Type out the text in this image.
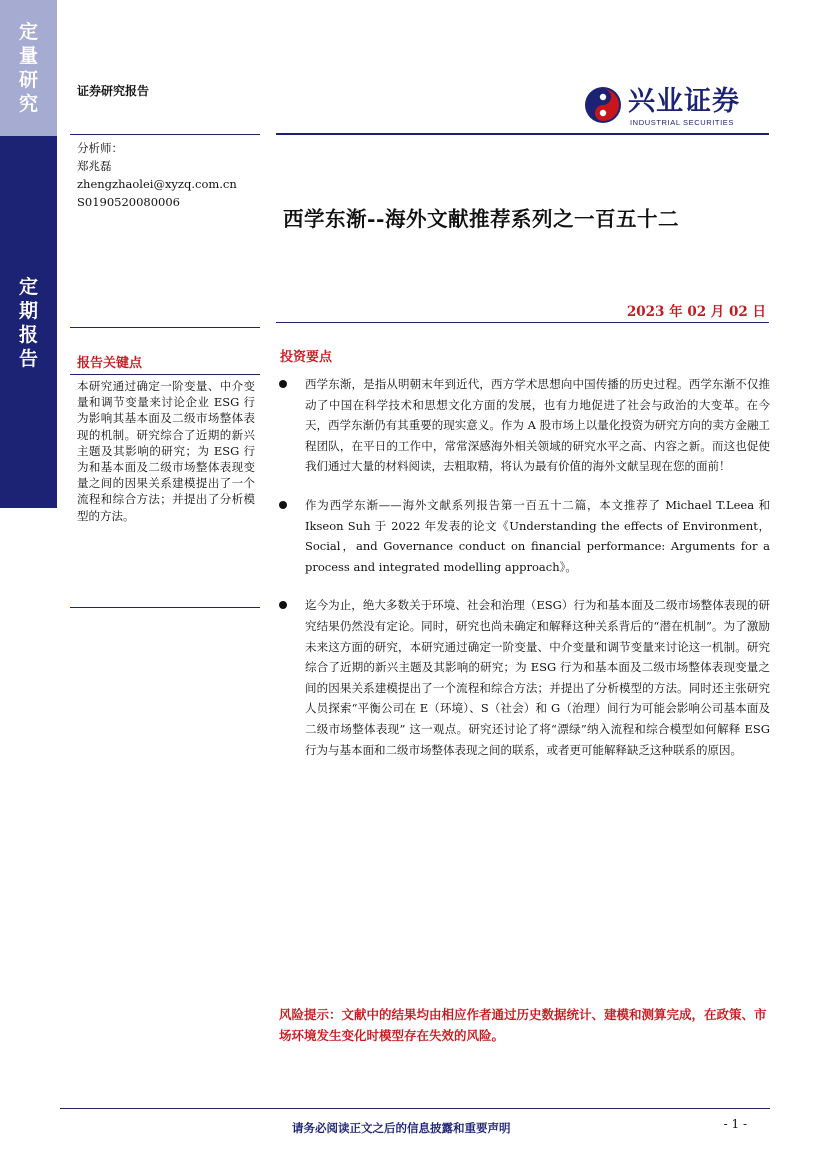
定
量
研
究
定
期
报
告
证券研究报告	兴业证券
INDUSTRIAL SECURITIES
分析师：
郑兆磊
zhengzhaolei@xyzq.com.cn
S0190520080006
西学东渐--海外文献推荐系列之一百五十二
2023 年 02 月 02 日
报告关键点
本研究通过确定一阶变量、中介变量和调节变量来讨论企业 ESG 行为影响其基本面及二级市场整体表现的机制。研究综合了近期的新兴主题及其影响的研究；为 ESG 行为和基本面及二级市场整体表现变量之间的因果关系建模提出了一个流程和综合方法；并提出了分析模型的方法。
投资要点
西学东渐，是指从明朝末年到近代，西方学术思想向中国传播的历史过程。西学东渐不仅推动了中国在科学技术和思想文化方面的发展，也有力地促进了社会与政治的大变革。在今天，西学东渐仍有其重要的现实意义。作为 A 股市场上以量化投资为研究方向的卖方金融工程团队，在平日的工作中，常常深感海外相关领域的研究水平之高、内容之新。而这也促使我们通过大量的材料阅读，去粗取精，将认为最有价值的海外文献呈现在您的面前！
作为西学东渐——海外文献系列报告第一百五十二篇，本文推荐了 Michael T.Leea 和 Ikseon Suh 于 2022 年发表的论文《Understanding the effects of Environment，Social，and Governance conduct on financial performance: Arguments for a process and integrated modelling approach》。
迄今为止，绝大多数关于环境、社会和治理（ESG）行为和基本面及二级市场整体表现的研究结果仍然没有定论。同时，研究也尚未确定和解释这种关系背后的“潜在机制”。为了激励未来这方面的研究，本研究通过确定一阶变量、中介变量和调节变量来讨论这一机制。研究综合了近期的新兴主题及其影响的研究；为 ESG 行为和基本面及二级市场整体表现变量之间的因果关系建模提出了一个流程和综合方法；并提出了分析模型的方法。同时还主张研究人员探索“平衡公司在 E（环境）、S（社会）和 G（治理）间行为可能会影响公司基本面及二级市场整体表现” 这一观点。研究还讨论了将“漂绿”纳入流程和综合模型如何解释 ESG 行为与基本面和二级市场整体表现之间的联系，或者更可能解释缺乏这种联系的原因。
风险提示：文献中的结果均由相应作者通过历史数据统计、建模和测算完成，在政策、市场环境发生变化时模型存在失效的风险。
请务必阅读正文之后的信息披露和重要声明	- 1 -
